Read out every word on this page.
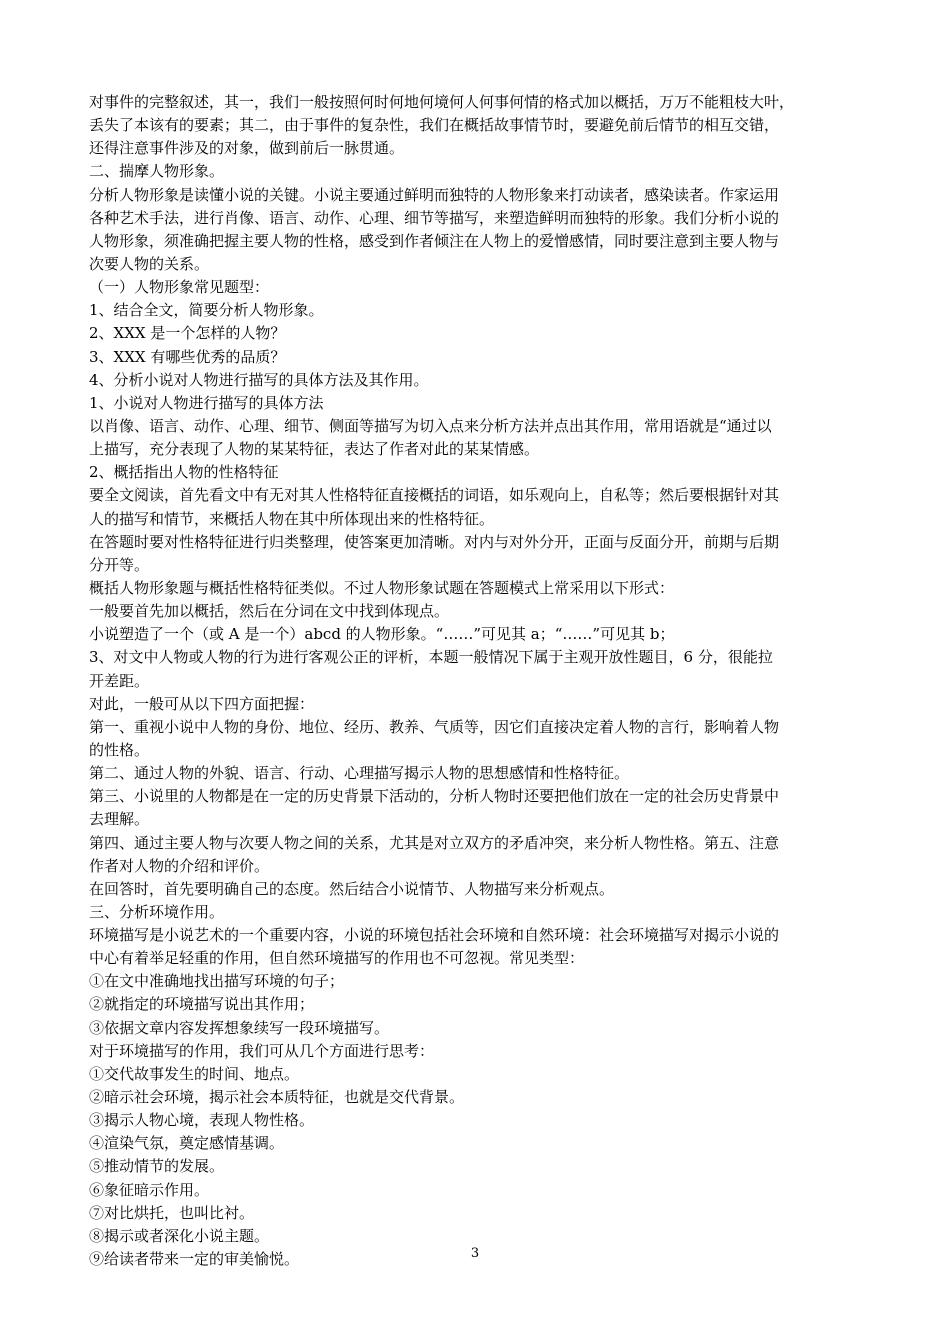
对事件的完整叙述，其一，我们一般按照何时何地何境何人何事何情的格式加以概括，万万不能粗枝大叶，
丢失了本该有的要素；其二，由于事件的复杂性，我们在概括故事情节时，要避免前后情节的相互交错，
还得注意事件涉及的对象，做到前后一脉贯通。
二、揣摩人物形象。
分析人物形象是读懂小说的关键。小说主要通过鲜明而独特的人物形象来打动读者，感染读者。作家运用
各种艺术手法，进行肖像、语言、动作、心理、细节等描写，来塑造鲜明而独特的形象。我们分析小说的
人物形象，须准确把握主要人物的性格，感受到作者倾注在人物上的爱憎感情，同时要注意到主要人物与
次要人物的关系。
（一）人物形象常见题型：
1、结合全文，简要分析人物形象。
2、XXX 是一个怎样的人物？
3、XXX 有哪些优秀的品质？
4、分析小说对人物进行描写的具体方法及其作用。
1、小说对人物进行描写的具体方法
以肖像、语言、动作、心理、细节、侧面等描写为切入点来分析方法并点出其作用，常用语就是“通过以
上描写，充分表现了人物的某某特征，表达了作者对此的某某情感。
2、概括指出人物的性格特征
要全文阅读，首先看文中有无对其人性格特征直接概括的词语，如乐观向上，自私等；然后要根据针对其
人的描写和情节，来概括人物在其中所体现出来的性格特征。
在答题时要对性格特征进行归类整理，使答案更加清晰。对内与对外分开，正面与反面分开，前期与后期
分开等。
概括人物形象题与概括性格特征类似。不过人物形象试题在答题模式上常采用以下形式：
一般要首先加以概括，然后在分词在文中找到体现点。
小说塑造了一个（或 A 是一个）abcd 的人物形象。“……”可见其 a；“……”可见其 b；
3、对文中人物或人物的行为进行客观公正的评析，本题一般情况下属于主观开放性题目，6 分，很能拉
开差距。
对此，一般可从以下四方面把握：
第一、重视小说中人物的身份、地位、经历、教养、气质等，因它们直接决定着人物的言行，影响着人物
的性格。
第二、通过人物的外貌、语言、行动、心理描写揭示人物的思想感情和性格特征。
第三、小说里的人物都是在一定的历史背景下活动的，分析人物时还要把他们放在一定的社会历史背景中
去理解。
第四、通过主要人物与次要人物之间的关系，尤其是对立双方的矛盾冲突，来分析人物性格。第五、注意
作者对人物的介绍和评价。
在回答时，首先要明确自己的态度。然后结合小说情节、人物描写来分析观点。
三、分析环境作用。
环境描写是小说艺术的一个重要内容，小说的环境包括社会环境和自然环境：社会环境描写对揭示小说的
中心有着举足轻重的作用，但自然环境描写的作用也不可忽视。常见类型：
①在文中准确地找出描写环境的句子；
②就指定的环境描写说出其作用；
③依据文章内容发挥想象续写一段环境描写。
对于环境描写的作用，我们可从几个方面进行思考：
①交代故事发生的时间、地点。
②暗示社会环境，揭示社会本质特征，也就是交代背景。
③揭示人物心境，表现人物性格。
④渲染气氛，奠定感情基调。
⑤推动情节的发展。
⑥象征暗示作用。
⑦对比烘托，也叫比衬。
⑧揭示或者深化小说主题。
⑨给读者带来一定的审美愉悦。	3
